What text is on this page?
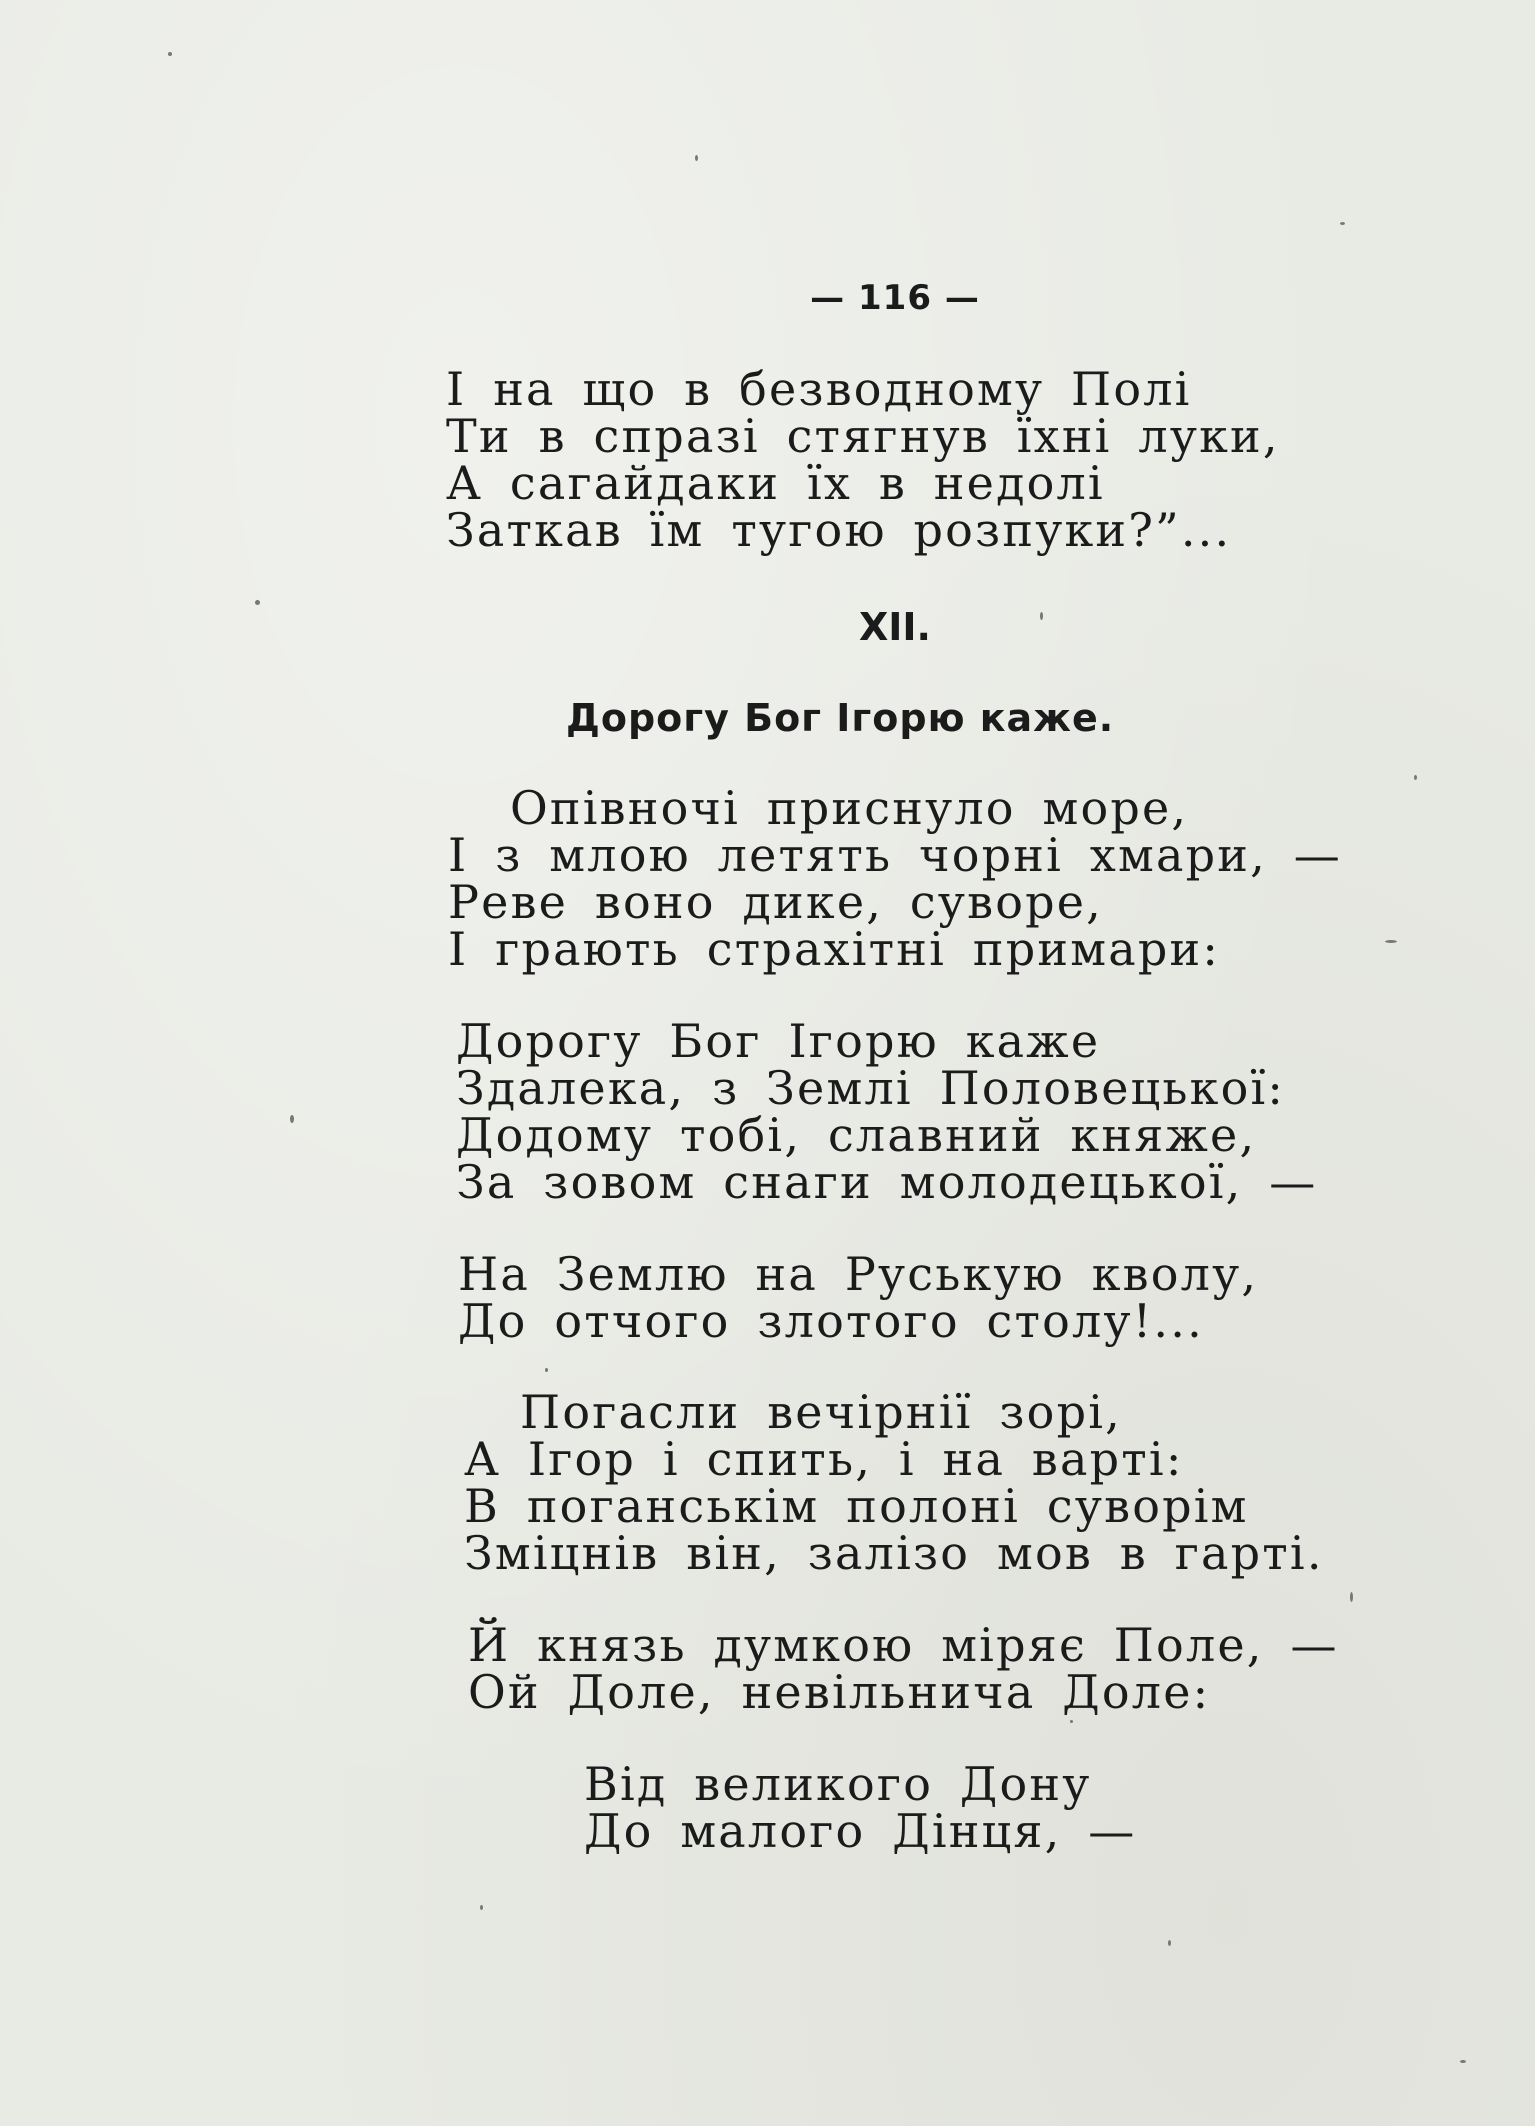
— 116 —
І на що в безводному Полі
Ти в спразі стягнув їхні луки,
А сагайдаки їх в недолі
Заткав їм тугою розпуки?”...
XII.
Дорогу Бог Ігорю каже.
Опівночі приснуло море,
І з млою летять чорні хмари, —
Реве воно дике, суворе,
І грають страхітні примари:
Дорогу Бог Ігорю каже
Здалека, з Землі Половецької:
Додому тобі, славний княже,
За зовом снаги молодецької, —
На Землю на Руськую кволу,
До отчого злотого столу!...
Погасли вечірнії зорі,
А Ігор і спить, і на варті:
В поганськім полоні суворім
Зміцнів він, залізо мов в гарті.
Й князь думкою міряє Поле, —
Ой Доле, невільнича Доле:
Від великого Дону
До малого Дінця, —
